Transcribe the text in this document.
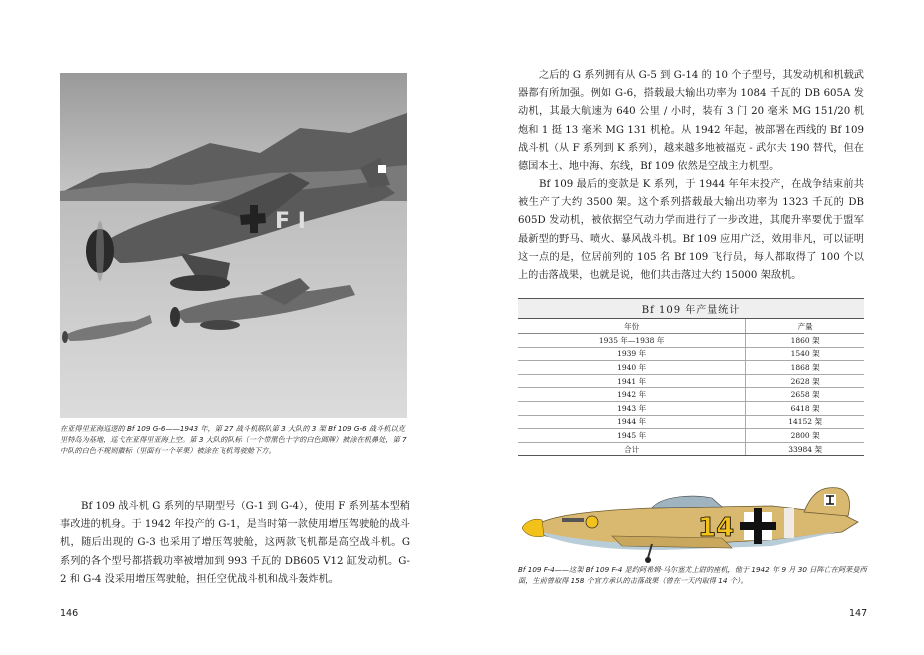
F I
在亚得里亚海巡逻的 Bf 109 G-6——1943 年，第 27 战斗机联队第 3 大队的 3 架 Bf 109 G-6 战斗机以克里特岛为基地，巡弋在亚得里亚海上空。第 3 大队的队标（一个带黑色十字的白色圆牌）被涂在机鼻处，第 7 中队的白色不规则徽标（里面有一个苹果）被涂在飞机驾驶舱下方。

Bf 109 战斗机 G 系列的早期型号（G-1 到 G-4），使用 F 系列基本型稍事改进的机身。于 1942 年投产的 G-1，是当时第一款使用增压驾驶舱的战斗机，随后出现的 G-3 也采用了增压驾驶舱，这两款飞机都是高空战斗机。G 系列的各个型号都搭载功率被增加到 993 千瓦的 DB605 V12 缸发动机。G-2 和 G-4 没采用增压驾驶舱，担任空优战斗机和战斗轰炸机。

146

之后的 G 系列拥有从 G-5 到 G-14 的 10 个子型号，其发动机和机载武器都有所加强。例如 G-6，搭载最大输出功率为 1084 千瓦的 DB 605A 发动机，其最大航速为 640 公里 / 小时，装有 3 门 20 毫米 MG 151/20 机炮和 1 挺 13 毫米 MG 131 机枪。从 1942 年起，被部署在西线的 Bf 109 战斗机（从 F 系列到 K 系列），越来越多地被福克 - 武尔夫 190 替代，但在德国本土、地中海、东线，Bf 109 依然是空战主力机型。

Bf 109 最后的变款是 K 系列，于 1944 年年末投产，在战争结束前共被生产了大约 3500 架。这个系列搭载最大输出功率为 1323 千瓦的 DB 605D 发动机，被依据空气动力学而进行了一步改进，其爬升率要优于盟军最新型的野马、喷火、暴风战斗机。Bf 109 应用广泛，效用非凡，可以证明这一点的是，位居前列的 105 名 Bf 109 飞行员，每人都取得了 100 个以上的击落战果，也就是说，他们共击落过大约 15000 架敌机。

Bf 109 年产量统计	
年份	产量
1935 年—1938 年	1860 架
1939 年	1540 架
1940 年	1868 架
1941 年	2628 架
1942 年	2658 架
1943 年	6418 架
1944 年	14152 架
1945 年	2800 架
合计	33984 架
14
Bf 109 F-4——这架 Bf 109 F-4 是约阿希姆·马尔塞尤上尉的座机，他于 1942 年 9 月 30 日阵亡在阿莱曼西面，生前曾取得 158 个官方承认的击落战果（曾在一天内取得 14 个）。
147
